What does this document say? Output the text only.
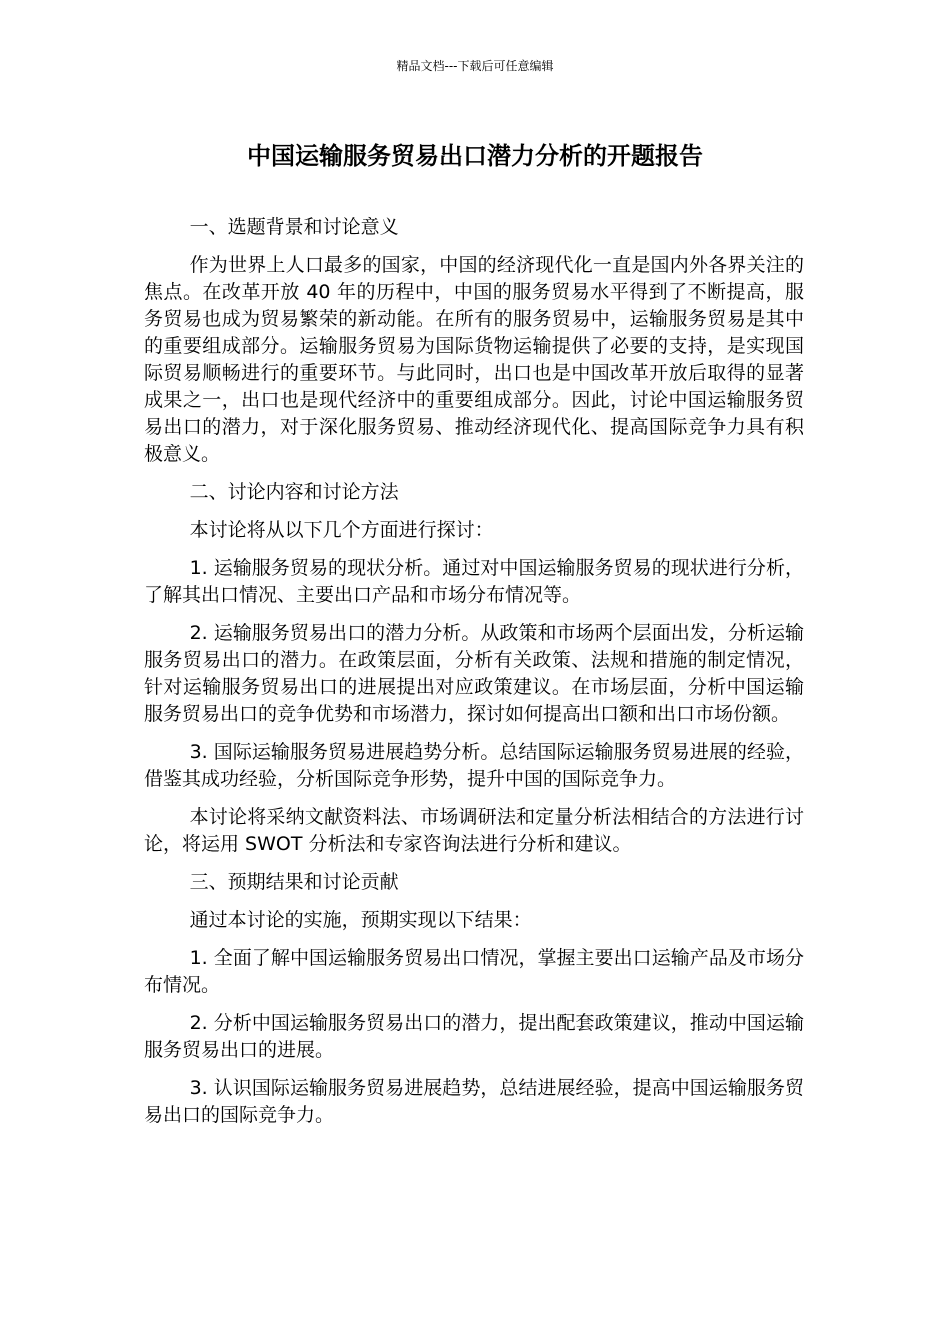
精品文档---下载后可任意编辑
中国运输服务贸易出口潜力分析的开题报告

一、选题背景和讨论意义

作为世界上人口最多的国家，中国的经济现代化一直是国内外各界关注的焦点。在改革开放 40 年的历程中，中国的服务贸易水平得到了不断提高，服务贸易也成为贸易繁荣的新动能。在所有的服务贸易中，运输服务贸易是其中的重要组成部分。运输服务贸易为国际货物运输提供了必要的支持，是实现国际贸易顺畅进行的重要环节。与此同时，出口也是中国改革开放后取得的显著成果之一，出口也是现代经济中的重要组成部分。因此，讨论中国运输服务贸易出口的潜力，对于深化服务贸易、推动经济现代化、提高国际竞争力具有积极意义。

二、讨论内容和讨论方法

本讨论将从以下几个方面进行探讨：

1. 运输服务贸易的现状分析。通过对中国运输服务贸易的现状进行分析，了解其出口情况、主要出口产品和市场分布情况等。

2. 运输服务贸易出口的潜力分析。从政策和市场两个层面出发，分析运输服务贸易出口的潜力。在政策层面，分析有关政策、法规和措施的制定情况，针对运输服务贸易出口的进展提出对应政策建议。在市场层面，分析中国运输服务贸易出口的竞争优势和市场潜力，探讨如何提高出口额和出口市场份额。

3. 国际运输服务贸易进展趋势分析。总结国际运输服务贸易进展的经验，借鉴其成功经验，分析国际竞争形势，提升中国的国际竞争力。

本讨论将采纳文献资料法、市场调研法和定量分析法相结合的方法进行讨论，将运用 SWOT 分析法和专家咨询法进行分析和建议。

三、预期结果和讨论贡献

通过本讨论的实施，预期实现以下结果：

1. 全面了解中国运输服务贸易出口情况，掌握主要出口运输产品及市场分布情况。

2. 分析中国运输服务贸易出口的潜力，提出配套政策建议，推动中国运输服务贸易出口的进展。

3. 认识国际运输服务贸易进展趋势，总结进展经验，提高中国运输服务贸易出口的国际竞争力。
